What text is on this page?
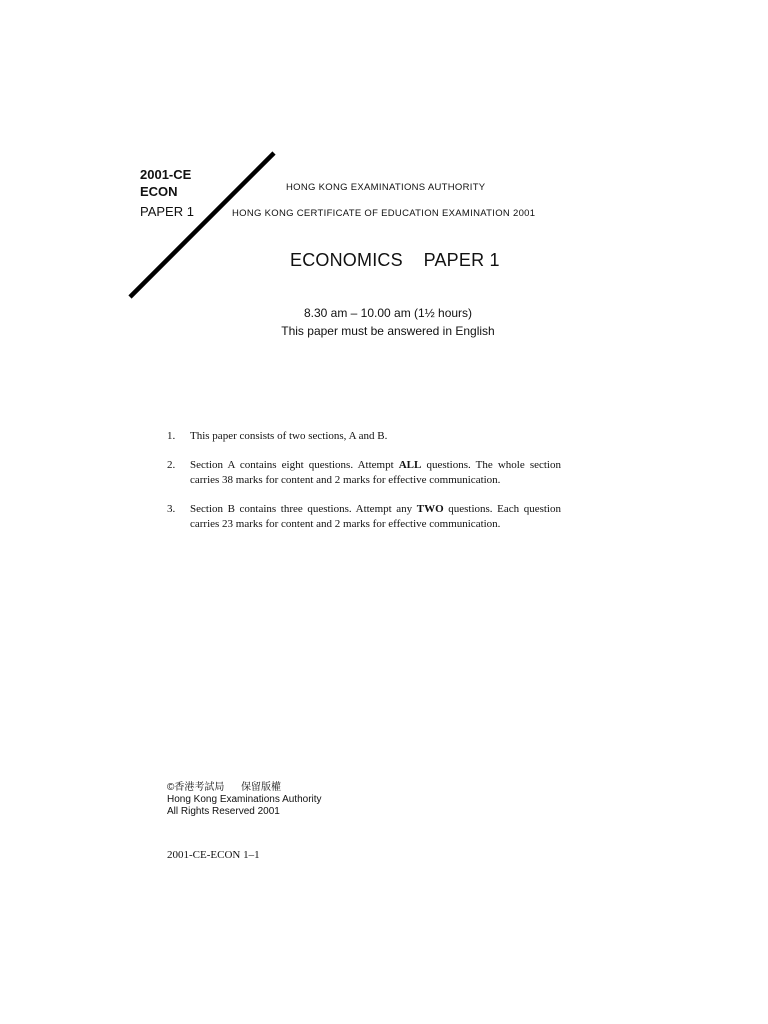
2001-CE
ECON
PAPER 1
HONG KONG EXAMINATIONS AUTHORITY
HONG KONG CERTIFICATE OF EDUCATION EXAMINATION 2001
ECONOMICS    PAPER 1
8.30 am – 10.00 am (1½ hours)
This paper must be answered in English
1.	This paper consists of two sections, A and B.
2.	Section A contains eight questions. Attempt ALL questions. The whole section carries 38 marks for content and 2 marks for effective communication.
3.	Section B contains three questions. Attempt any TWO questions. Each question carries 23 marks for content and 2 marks for effective communication.
©香港考試局      保留版權
Hong Kong Examinations Authority
All Rights Reserved 2001
2001-CE-ECON 1–1
